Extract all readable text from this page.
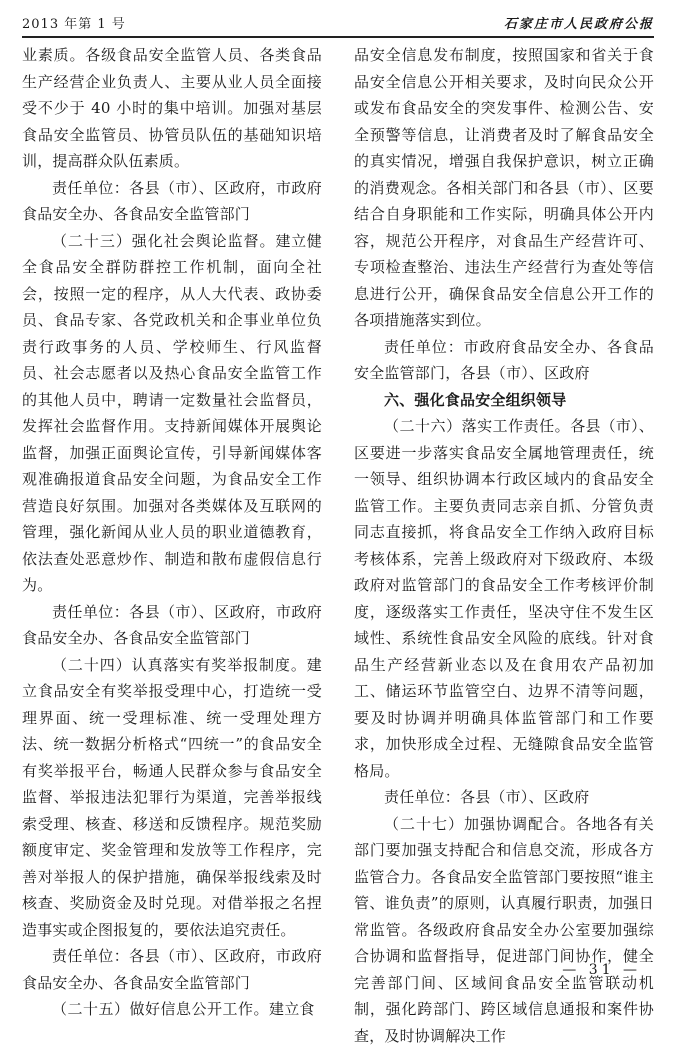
2013 年第 1 号	石家庄市人民政府公报

业素质。各级食品安全监管人员、各类食品生产经营企业负责人、主要从业人员全面接受不少于 40 小时的集中培训。加强对基层食品安全监管员、协管员队伍的基础知识培训，提高群众队伍素质。

责任单位：各县（市）、区政府，市政府食品安全办、各食品安全监管部门

（二十三）强化社会舆论监督。建立健全食品安全群防群控工作机制，面向全社会，按照一定的程序，从人大代表、政协委员、食品专家、各党政机关和企事业单位负责行政事务的人员、学校师生、行风监督员、社会志愿者以及热心食品安全监管工作的其他人员中，聘请一定数量社会监督员，发挥社会监督作用。支持新闻媒体开展舆论监督，加强正面舆论宣传，引导新闻媒体客观准确报道食品安全问题，为食品安全工作营造良好氛围。加强对各类媒体及互联网的管理，强化新闻从业人员的职业道德教育，依法查处恶意炒作、制造和散布虚假信息行为。

责任单位：各县（市）、区政府，市政府食品安全办、各食品安全监管部门

（二十四）认真落实有奖举报制度。建立食品安全有奖举报受理中心，打造统一受理界面、统一受理标准、统一受理处理方法、统一数据分析格式“四统一”的食品安全有奖举报平台，畅通人民群众参与食品安全监督、举报违法犯罪行为渠道，完善举报线索受理、核查、移送和反馈程序。规范奖励额度审定、奖金管理和发放等工作程序，完善对举报人的保护措施，确保举报线索及时核查、奖励资金及时兑现。对借举报之名捏造事实或企图报复的，要依法追究责任。

责任单位：各县（市）、区政府，市政府食品安全办、各食品安全监管部门

（二十五）做好信息公开工作。建立食

品安全信息发布制度，按照国家和省关于食品安全信息公开相关要求，及时向民众公开或发布食品安全的突发事件、检测公告、安全预警等信息，让消费者及时了解食品安全的真实情况，增强自我保护意识，树立正确的消费观念。各相关部门和各县（市）、区要结合自身职能和工作实际，明确具体公开内容，规范公开程序，对食品生产经营许可、专项检查整治、违法生产经营行为查处等信息进行公开，确保食品安全信息公开工作的各项措施落实到位。

责任单位：市政府食品安全办、各食品安全监管部门，各县（市）、区政府

六、强化食品安全组织领导

（二十六）落实工作责任。各县（市）、区要进一步落实食品安全属地管理责任，统一领导、组织协调本行政区域内的食品安全监管工作。主要负责同志亲自抓、分管负责同志直接抓，将食品安全工作纳入政府目标考核体系，完善上级政府对下级政府、本级政府对监管部门的食品安全工作考核评价制度，逐级落实工作责任，坚决守住不发生区域性、系统性食品安全风险的底线。针对食品生产经营新业态以及在食用农产品初加工、储运环节监管空白、边界不清等问题，要及时协调并明确具体监管部门和工作要求，加快形成全过程、无缝隙食品安全监管格局。

责任单位：各县（市）、区政府

（二十七）加强协调配合。各地各有关部门要加强支持配合和信息交流，形成各方监管合力。各食品安全监管部门要按照“谁主管、谁负责”的原则，认真履行职责，加强日常监管。各级政府食品安全办公室要加强综合协调和监督指导，促进部门间协作，健全完善部门间、区域间食品安全监管联动机制，强化跨部门、跨区域信息通报和案件协查，及时协调解决工作

— 31 —
